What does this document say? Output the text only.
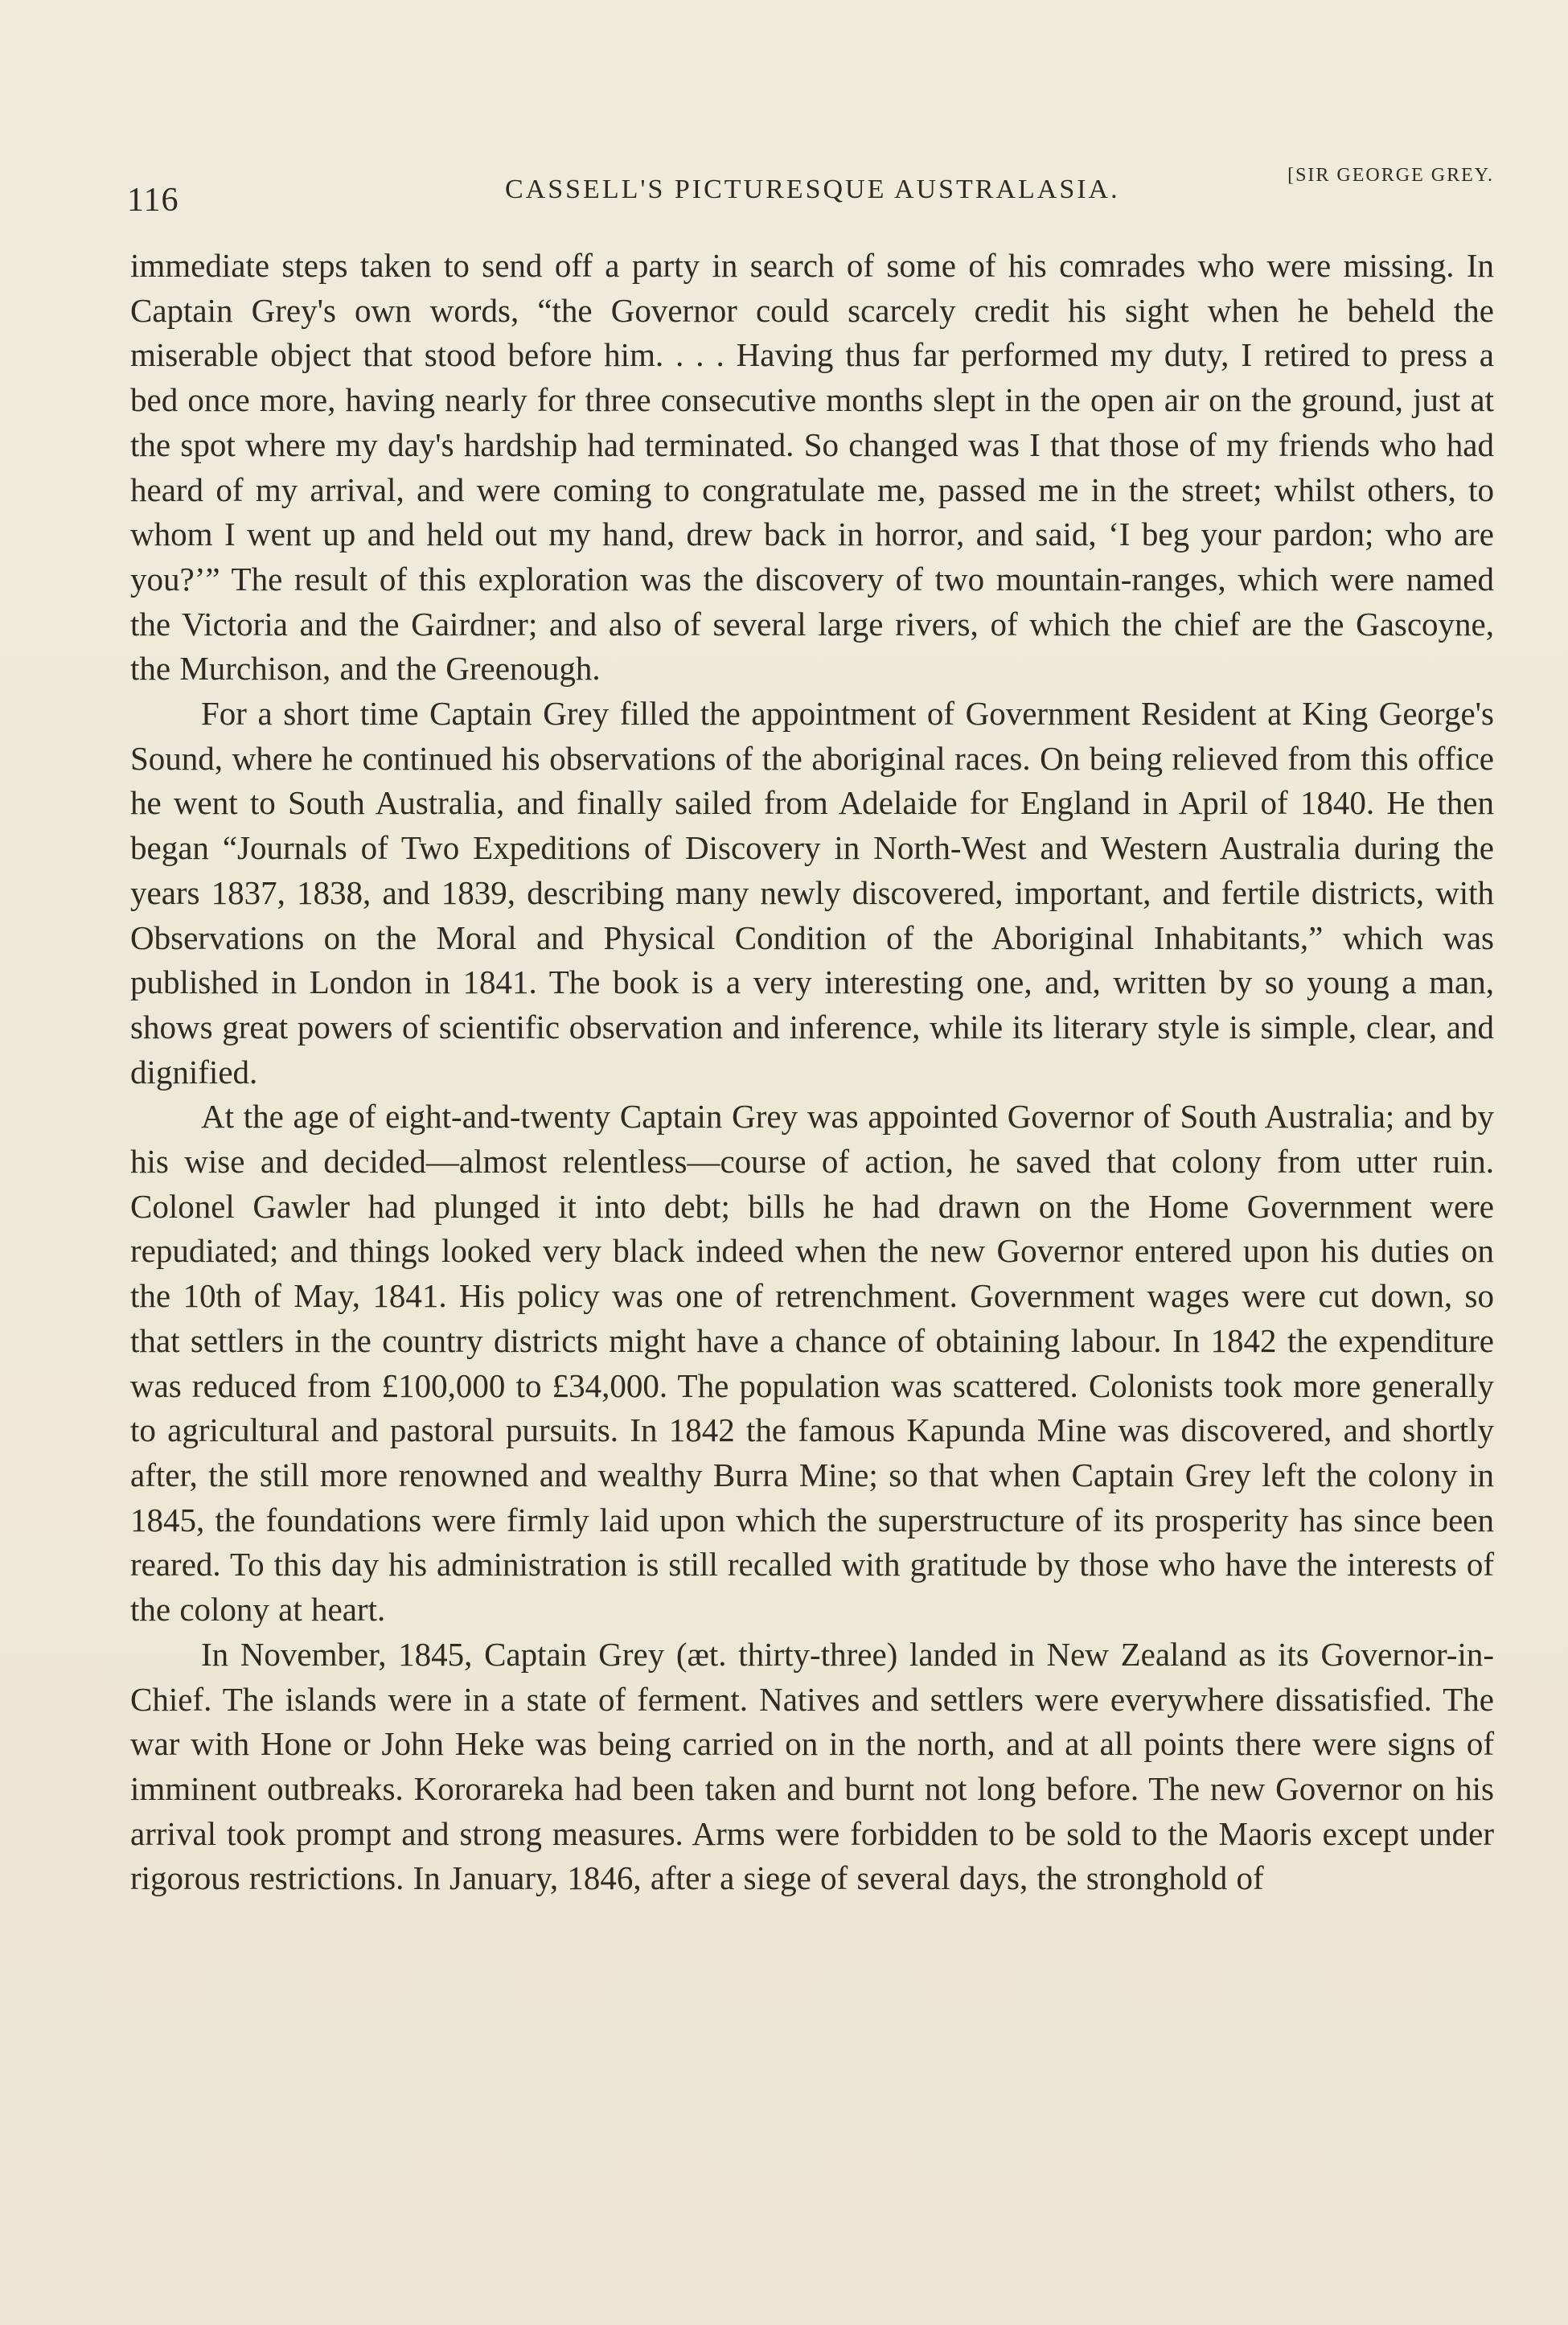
116	CASSELL'S PICTURESQUE AUSTRALASIA.	[SIR GEORGE GREY.

immediate steps taken to send off a party in search of some of his comrades who were missing. In Captain Grey's own words, “the Governor could scarcely credit his sight when he beheld the miserable object that stood before him. . . . Having thus far performed my duty, I retired to press a bed once more, having nearly for three consecutive months slept in the open air on the ground, just at the spot where my day's hardship had terminated. So changed was I that those of my friends who had heard of my arrival, and were coming to congratulate me, passed me in the street; whilst others, to whom I went up and held out my hand, drew back in horror, and said, ‘I beg your pardon; who are you?’” The result of this exploration was the discovery of two mountain-ranges, which were named the Victoria and the Gairdner; and also of several large rivers, of which the chief are the Gascoyne, the Murchison, and the Greenough.

For a short time Captain Grey filled the appointment of Government Resident at King George's Sound, where he continued his observations of the aboriginal races. On being relieved from this office he went to South Australia, and finally sailed from Adelaide for England in April of 1840. He then began “Journals of Two Expeditions of Discovery in North-West and Western Australia during the years 1837, 1838, and 1839, describing many newly discovered, important, and fertile districts, with Observations on the Moral and Physical Condition of the Aboriginal Inhabitants,” which was published in London in 1841. The book is a very interesting one, and, written by so young a man, shows great powers of scientific observation and inference, while its literary style is simple, clear, and dignified.

At the age of eight-and-twenty Captain Grey was appointed Governor of South Australia; and by his wise and decided—almost relentless—course of action, he saved that colony from utter ruin. Colonel Gawler had plunged it into debt; bills he had drawn on the Home Government were repudiated; and things looked very black indeed when the new Governor entered upon his duties on the 10th of May, 1841. His policy was one of retrenchment. Government wages were cut down, so that settlers in the country districts might have a chance of obtaining labour. In 1842 the expenditure was reduced from £100,000 to £34,000. The population was scattered. Colonists took more generally to agricultural and pastoral pursuits. In 1842 the famous Kapunda Mine was discovered, and shortly after, the still more renowned and wealthy Burra Mine; so that when Captain Grey left the colony in 1845, the foundations were firmly laid upon which the superstructure of its prosperity has since been reared. To this day his administration is still recalled with gratitude by those who have the interests of the colony at heart.

In November, 1845, Captain Grey (æt. thirty-three) landed in New Zealand as its Governor-in-Chief. The islands were in a state of ferment. Natives and settlers were everywhere dissatisfied. The war with Hone or John Heke was being carried on in the north, and at all points there were signs of imminent outbreaks. Kororareka had been taken and burnt not long before. The new Governor on his arrival took prompt and strong measures. Arms were forbidden to be sold to the Maoris except under rigorous restrictions. In January, 1846, after a siege of several days, the stronghold of
